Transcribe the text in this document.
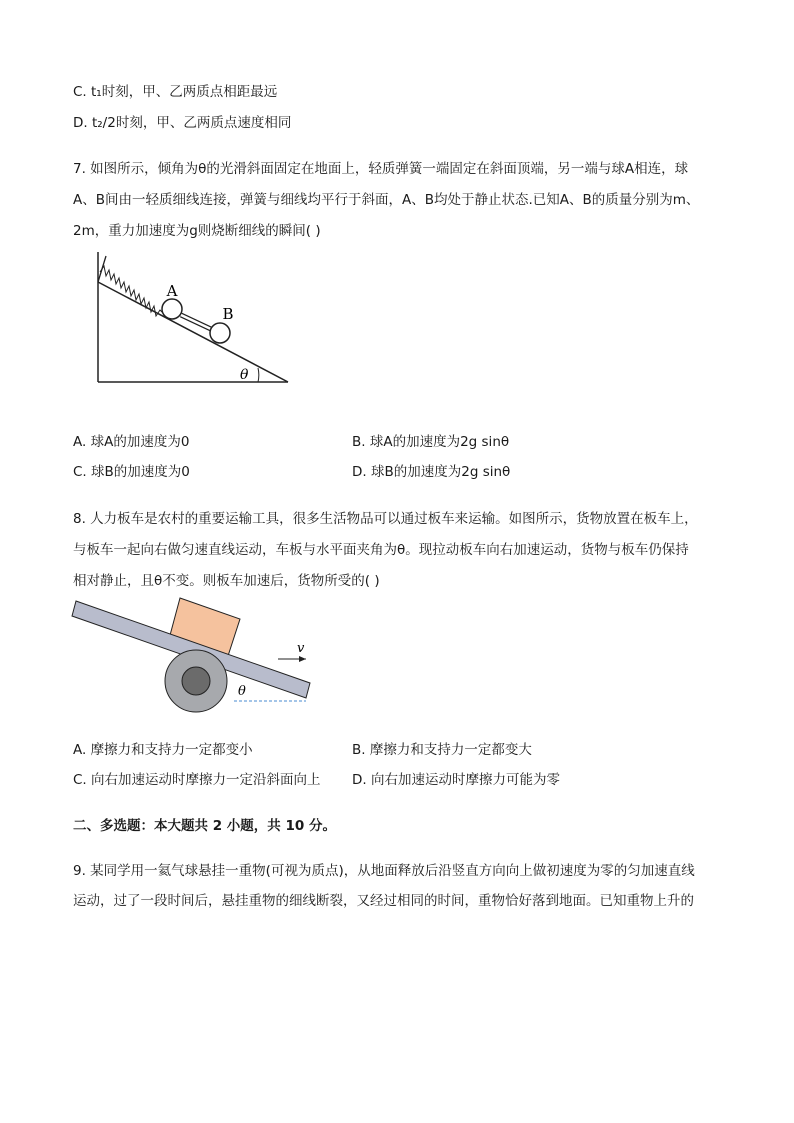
C. t₁时刻，甲、乙两质点相距最远
D. t₂/2时刻，甲、乙两质点速度相同
7. 如图所示，倾角为θ的光滑斜面固定在地面上，轻质弹簧一端固定在斜面顶端，另一端与球A相连，球
A、B间由一轻质细线连接，弹簧与细线均平行于斜面，A、B均处于静止状态.已知A、B的质量分别为m、
2m，重力加速度为g则烧断细线的瞬间( )
A
B
θ
A. 球A的加速度为0	B. 球A的加速度为2g sinθ
C. 球B的加速度为0	D. 球B的加速度为2g sinθ
8. 人力板车是农村的重要运输工具，很多生活物品可以通过板车来运输。如图所示，货物放置在板车上，
与板车一起向右做匀速直线运动，车板与水平面夹角为θ。现拉动板车向右加速运动，货物与板车仍保持
相对静止，且θ不变。则板车加速后，货物所受的( )
v
θ
A. 摩擦力和支持力一定都变小	B. 摩擦力和支持力一定都变大
C. 向右加速运动时摩擦力一定沿斜面向上 D. 向右加速运动时摩擦力可能为零
二、多选题：本大题共 2 小题，共 10 分。
9. 某同学用一氦气球悬挂一重物(可视为质点)，从地面释放后沿竖直方向向上做初速度为零的匀加速直线
运动，过了一段时间后，悬挂重物的细线断裂，又经过相同的时间，重物恰好落到地面。已知重物上升的
